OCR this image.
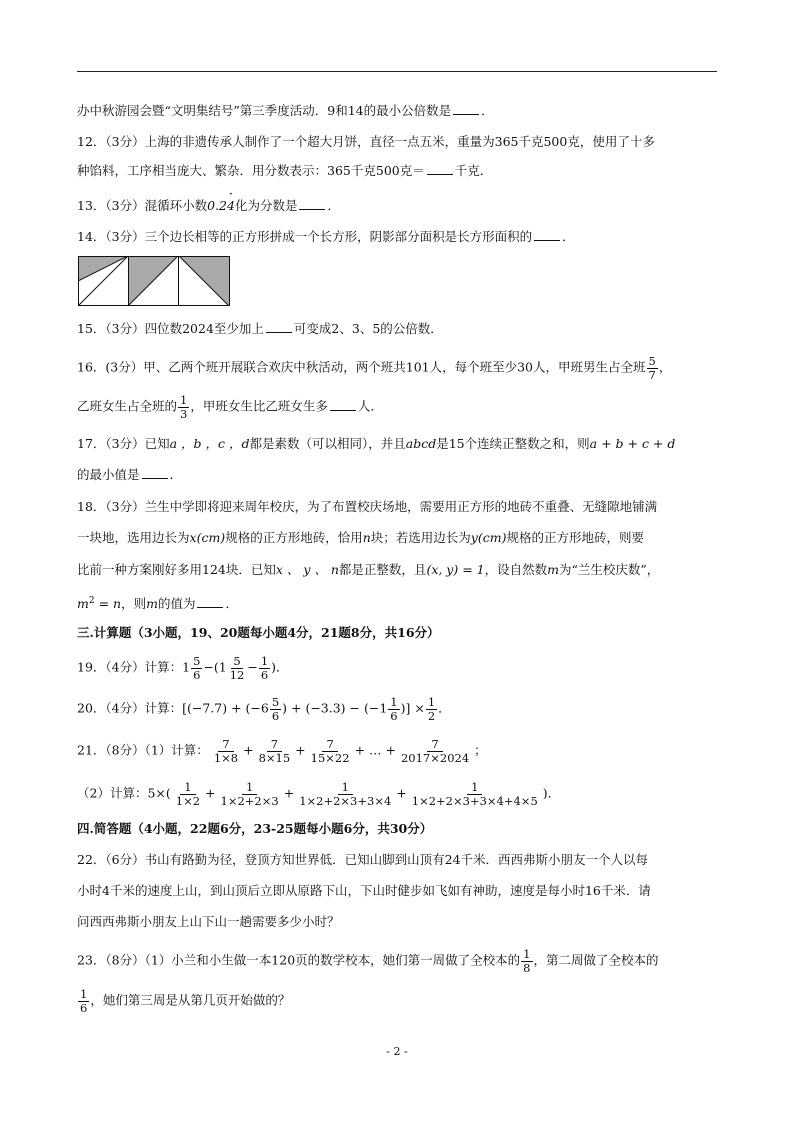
办中秋游园会暨“文明集结号”第三季度活动．9和14的最小公倍数是 ．
12．（3分）上海的非遗传承人制作了一个超大月饼，直径一点五米，重量为365千克500克，使用了十多
种馅料，工序相当庞大、繁杂．用分数表示：365千克500克＝ 千克．
13．（3分）混循环小数0.2· 4化为分数是 ．
14．（3分）三个边长相等的正方形拼成一个长方形，阴影部分面积是长方形面积的 ．
15．（3分）四位数2024至少加上 可变成2、3、5的公倍数．
16．(3分）甲、乙两个班开展联合欢庆中秋活动，两个班共101人，每个班至少30人，甲班男生占全班 $\frac{5}{7}$ ，
乙班女生占全班的 $\frac{1}{3}$ ，甲班女生比乙班女生多 人．
17．（3分）已知a ，b ，c ，d都是素数（可以相同），并且abcd是15个连续正整数之和，则a + b + c + d
的最小值是 ．
18．（3分）兰生中学即将迎来周年校庆，为了布置校庆场地，需要用正方形的地砖不重叠、无缝隙地铺满
一块地，选用边长为x(cm)规格的正方形地砖，恰用n块；若选用边长为y(cm)规格的正方形地砖，则要
比前一种方案刚好多用124块．已知x 、 y 、 n都是正整数，且(x, y) = 1，设自然数m为“兰生校庆数”，
$m^2 = n$，则m的值为 ．
三.计算题（3小题，19、20题每小题4分，21题8分，共16分）
19．（4分）计算：$1 \frac{5}{6} -(1 \frac{5}{12} - \frac{1}{6}$ )．
20．（4分）计算：[$(-7.7) + (-6 \frac{5}{6}$ ) + $(-3.3) - (-1 \frac{1}{6}$ )] × $\frac{1}{2}$ ．
21．（8分）（1）计算： $\frac{7}{1\times 8} + \frac{7}{8\times 15} + \frac{7}{15\times 22}$ + … + $\frac{7}{2017\times 2024}$ ；
（2）计算：$5\times( \frac{1}{1\times 2} + \frac{1}{1\times 2+2\times 3} + \frac{1}{1\times 2+2\times 3+3\times 4} + \frac{1}{1\times 2+2\times 3+3\times 4+4\times 5}$ )．
四.简答题（4小题，22题6分，23-25题每小题6分，共30分）
22．（6分）书山有路勤为径，登顶方知世界低．已知山脚到山顶有24千米．西西弗斯小朋友一个人以每
小时4千米的速度上山，到山顶后立即从原路下山，下山时健步如飞如有神助，速度是每小时16千米．请
问西西弗斯小朋友上山下山一趟需要多少小时？
23．（8分）（1）小兰和小生做一本120页的数学校本，她们第一周做了全校本的 $\frac{1}{8}$ ，第二周做了全校本的
$\frac{1}{6}$ ，她们第三周是从第几页开始做的？
- 2 -
